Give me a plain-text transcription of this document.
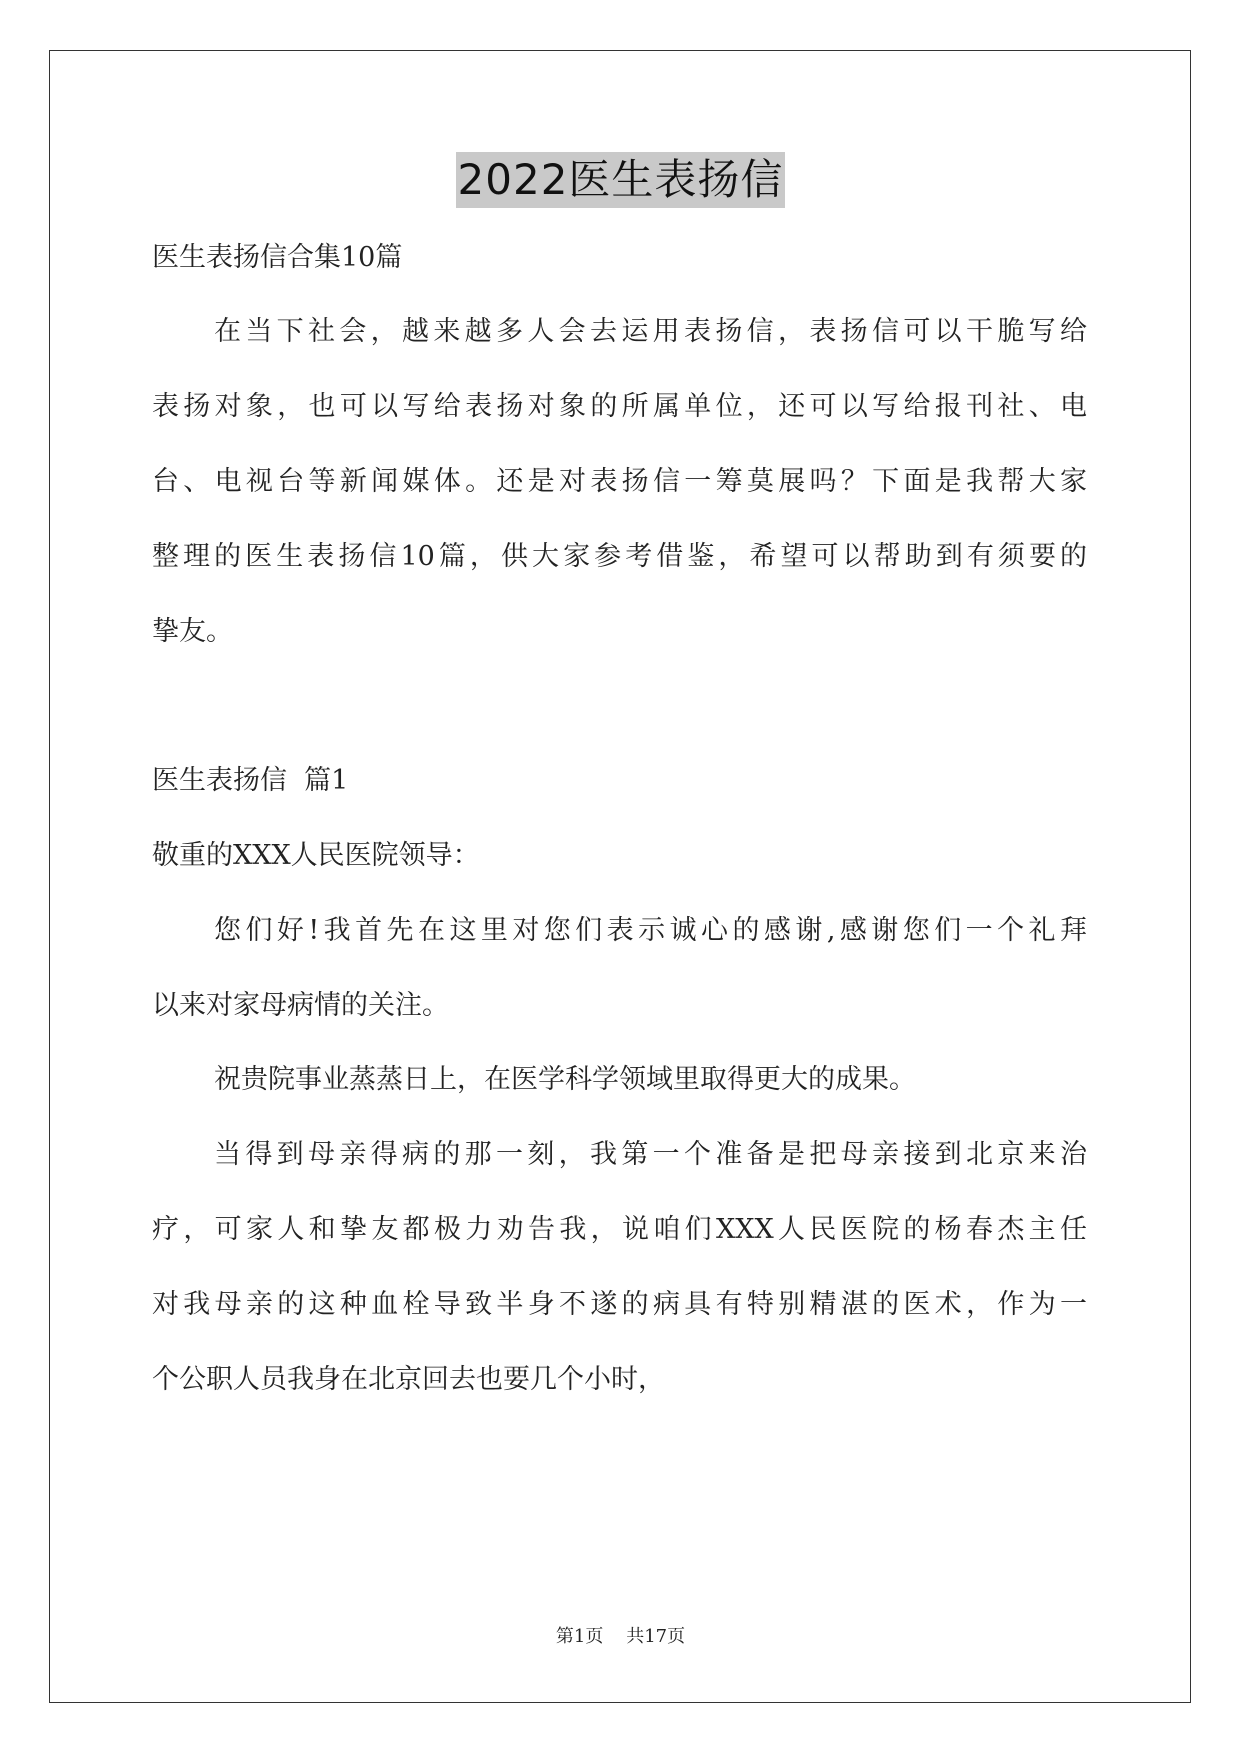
2022医生表扬信
医生表扬信合集10篇
在当下社会，越来越多人会去运用表扬信，表扬信可以干脆写给
表扬对象，也可以写给表扬对象的所属单位，还可以写给报刊社、电
台、电视台等新闻媒体。还是对表扬信一筹莫展吗？下面是我帮大家
整理的医生表扬信10篇，供大家参考借鉴，希望可以帮助到有须要的
挚友。
医生表扬信  篇1
敬重的XXX人民医院领导：
您们好!我首先在这里对您们表示诚心的感谢,感谢您们一个礼拜
以来对家母病情的关注。
祝贵院事业蒸蒸日上，在医学科学领域里取得更大的成果。
当得到母亲得病的那一刻，我第一个准备是把母亲接到北京来治
疗，可家人和挚友都极力劝告我，说咱们XXX人民医院的杨春杰主任
对我母亲的这种血栓导致半身不遂的病具有特别精湛的医术，作为一
个公职人员我身在北京回去也要几个小时，
第1页    共17页
